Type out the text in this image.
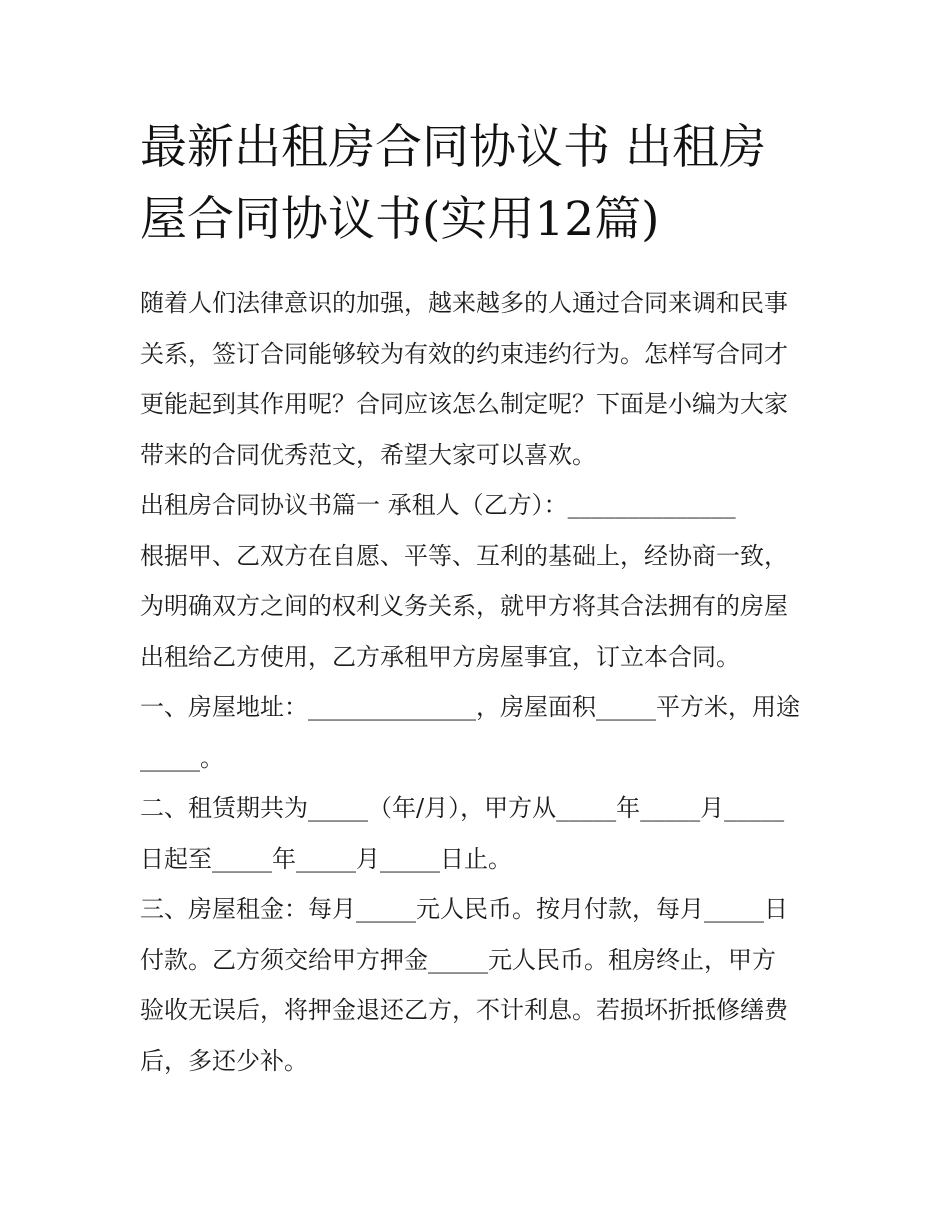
最新出租房合同协议书 出租房
屋合同协议书(实用12篇)
随着人们法律意识的加强，越来越多的人通过合同来调和民事
关系，签订合同能够较为有效的约束违约行为。怎样写合同才
更能起到其作用呢？合同应该怎么制定呢？下面是小编为大家
带来的合同优秀范文，希望大家可以喜欢。
出租房合同协议书篇一 承租人（乙方）：______________
根据甲、乙双方在自愿、平等、互利的基础上，经协商一致，
为明确双方之间的权利义务关系，就甲方将其合法拥有的房屋
出租给乙方使用，乙方承租甲方房屋事宜，订立本合同。
一、房屋地址：______________，房屋面积_____平方米，用途
_____。
二、租赁期共为_____（年/月），甲方从_____年_____月_____
日起至_____年_____月_____日止。
三、房屋租金：每月_____元人民币。按月付款，每月_____日
付款。乙方须交给甲方押金_____元人民币。租房终止，甲方
验收无误后，将押金退还乙方，不计利息。若损坏折抵修缮费
后，多还少补。
